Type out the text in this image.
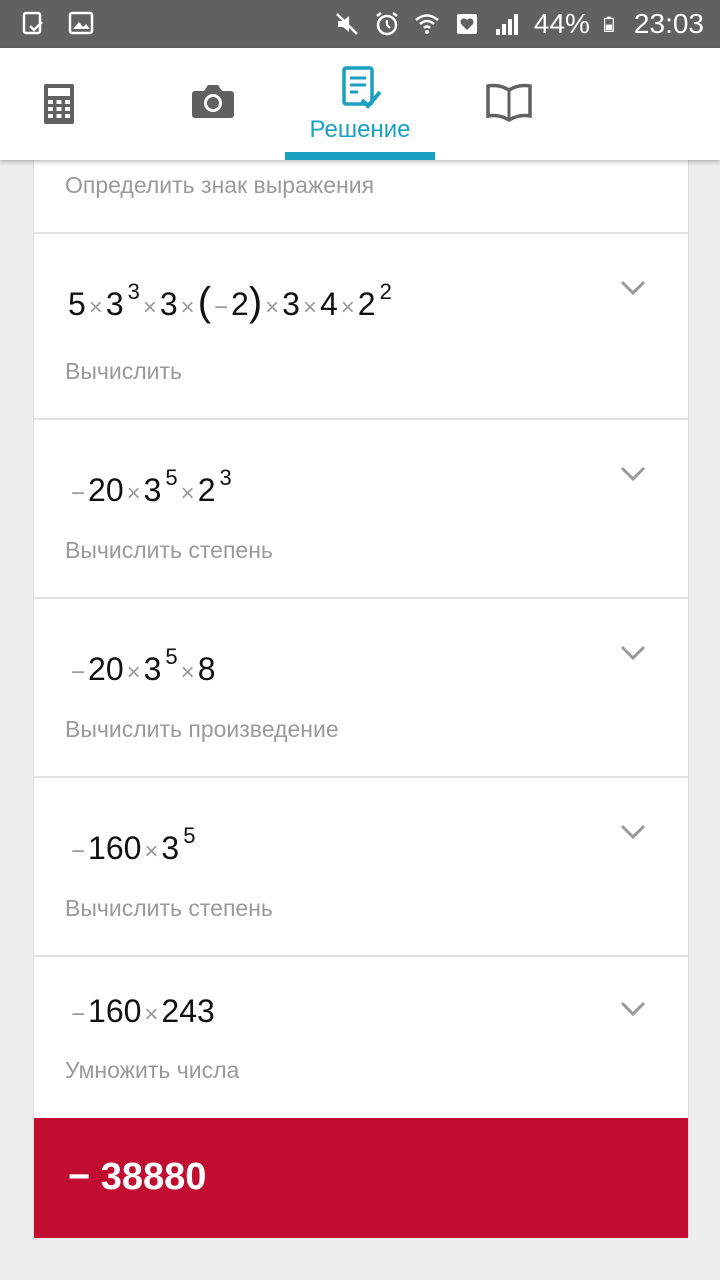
44% 23:03
Решение
Определить знак выражения
5 ×3 $^3$×3 ×( −2) ×3 ×4 ×2 $^2$
Вычислить
−20 ×3 $^5$×2 $^3$
Вычислить степень
−20 ×3 $^5$×8
Вычислить произведение
−160 ×3 $^5$
Вычислить степень
−160 ×243
Умножить числа
− 38880
